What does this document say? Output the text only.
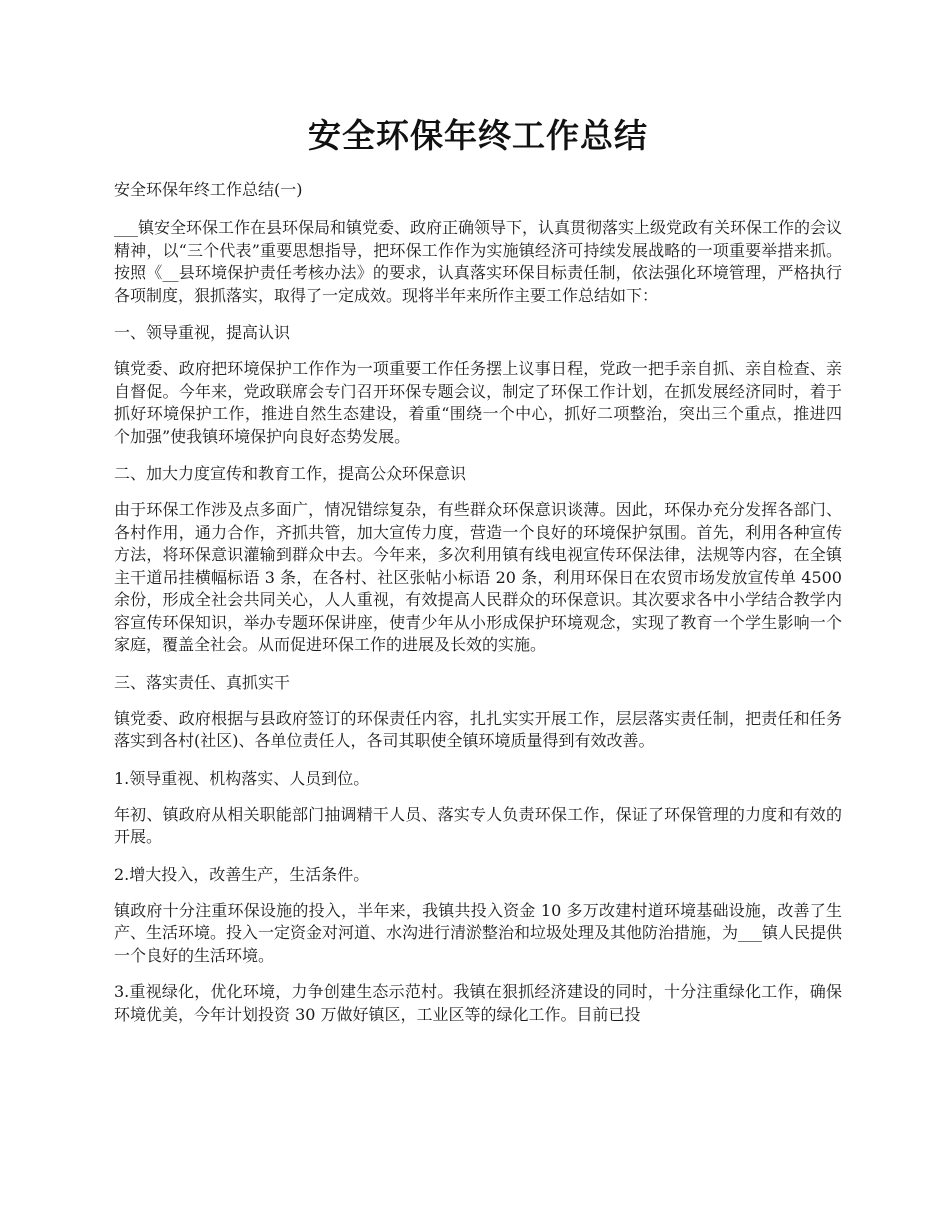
安全环保年终工作总结

安全环保年终工作总结(一)

___镇安全环保工作在县环保局和镇党委、政府正确领导下，认真贯彻落实上级党政有关环保工作的会议精神，以“三个代表”重要思想指导，把环保工作作为实施镇经济可持续发展战略的一项重要举措来抓。按照《__县环境保护责任考核办法》的要求，认真落实环保目标责任制，依法强化环境管理，严格执行各项制度，狠抓落实，取得了一定成效。现将半年来所作主要工作总结如下：

一、领导重视，提高认识

镇党委、政府把环境保护工作作为一项重要工作任务摆上议事日程，党政一把手亲自抓、亲自检查、亲自督促。今年来，党政联席会专门召开环保专题会议，制定了环保工作计划，在抓发展经济同时，着于抓好环境保护工作，推进自然生态建设，着重“围绕一个中心，抓好二项整治，突出三个重点，推进四个加强”使我镇环境保护向良好态势发展。

二、加大力度宣传和教育工作，提高公众环保意识

由于环保工作涉及点多面广，情况错综复杂，有些群众环保意识谈薄。因此，环保办充分发挥各部门、各村作用，通力合作，齐抓共管，加大宣传力度，营造一个良好的环境保护氛围。首先，利用各种宣传方法，将环保意识灌输到群众中去。今年来，多次利用镇有线电视宣传环保法律，法规等内容，在全镇主干道吊挂横幅标语 3 条，在各村、社区张帖小标语 20 条，利用环保日在农贸市场发放宣传单 4500 余份，形成全社会共同关心，人人重视，有效提高人民群众的环保意识。其次要求各中小学结合教学内容宣传环保知识，举办专题环保讲座，使青少年从小形成保护环境观念，实现了教育一个学生影响一个家庭，覆盖全社会。从而促进环保工作的进展及长效的实施。

三、落实责任、真抓实干

镇党委、政府根据与县政府签订的环保责任内容，扎扎实实开展工作，层层落实责任制，把责任和任务落实到各村(社区)、各单位责任人，各司其职使全镇环境质量得到有效改善。

1.领导重视、机构落实、人员到位。

年初、镇政府从相关职能部门抽调精干人员、落实专人负责环保工作，保证了环保管理的力度和有效的开展。

2.增大投入，改善生产，生活条件。

镇政府十分注重环保设施的投入，半年来，我镇共投入资金 10 多万改建村道环境基础设施，改善了生产、生活环境。投入一定资金对河道、水沟进行清淤整治和垃圾处理及其他防治措施，为___镇人民提供一个良好的生活环境。

3.重视绿化，优化环境，力争创建生态示范村。我镇在狠抓经济建设的同时，十分注重绿化工作，确保环境优美，今年计划投资 30 万做好镇区，工业区等的绿化工作。目前已投
